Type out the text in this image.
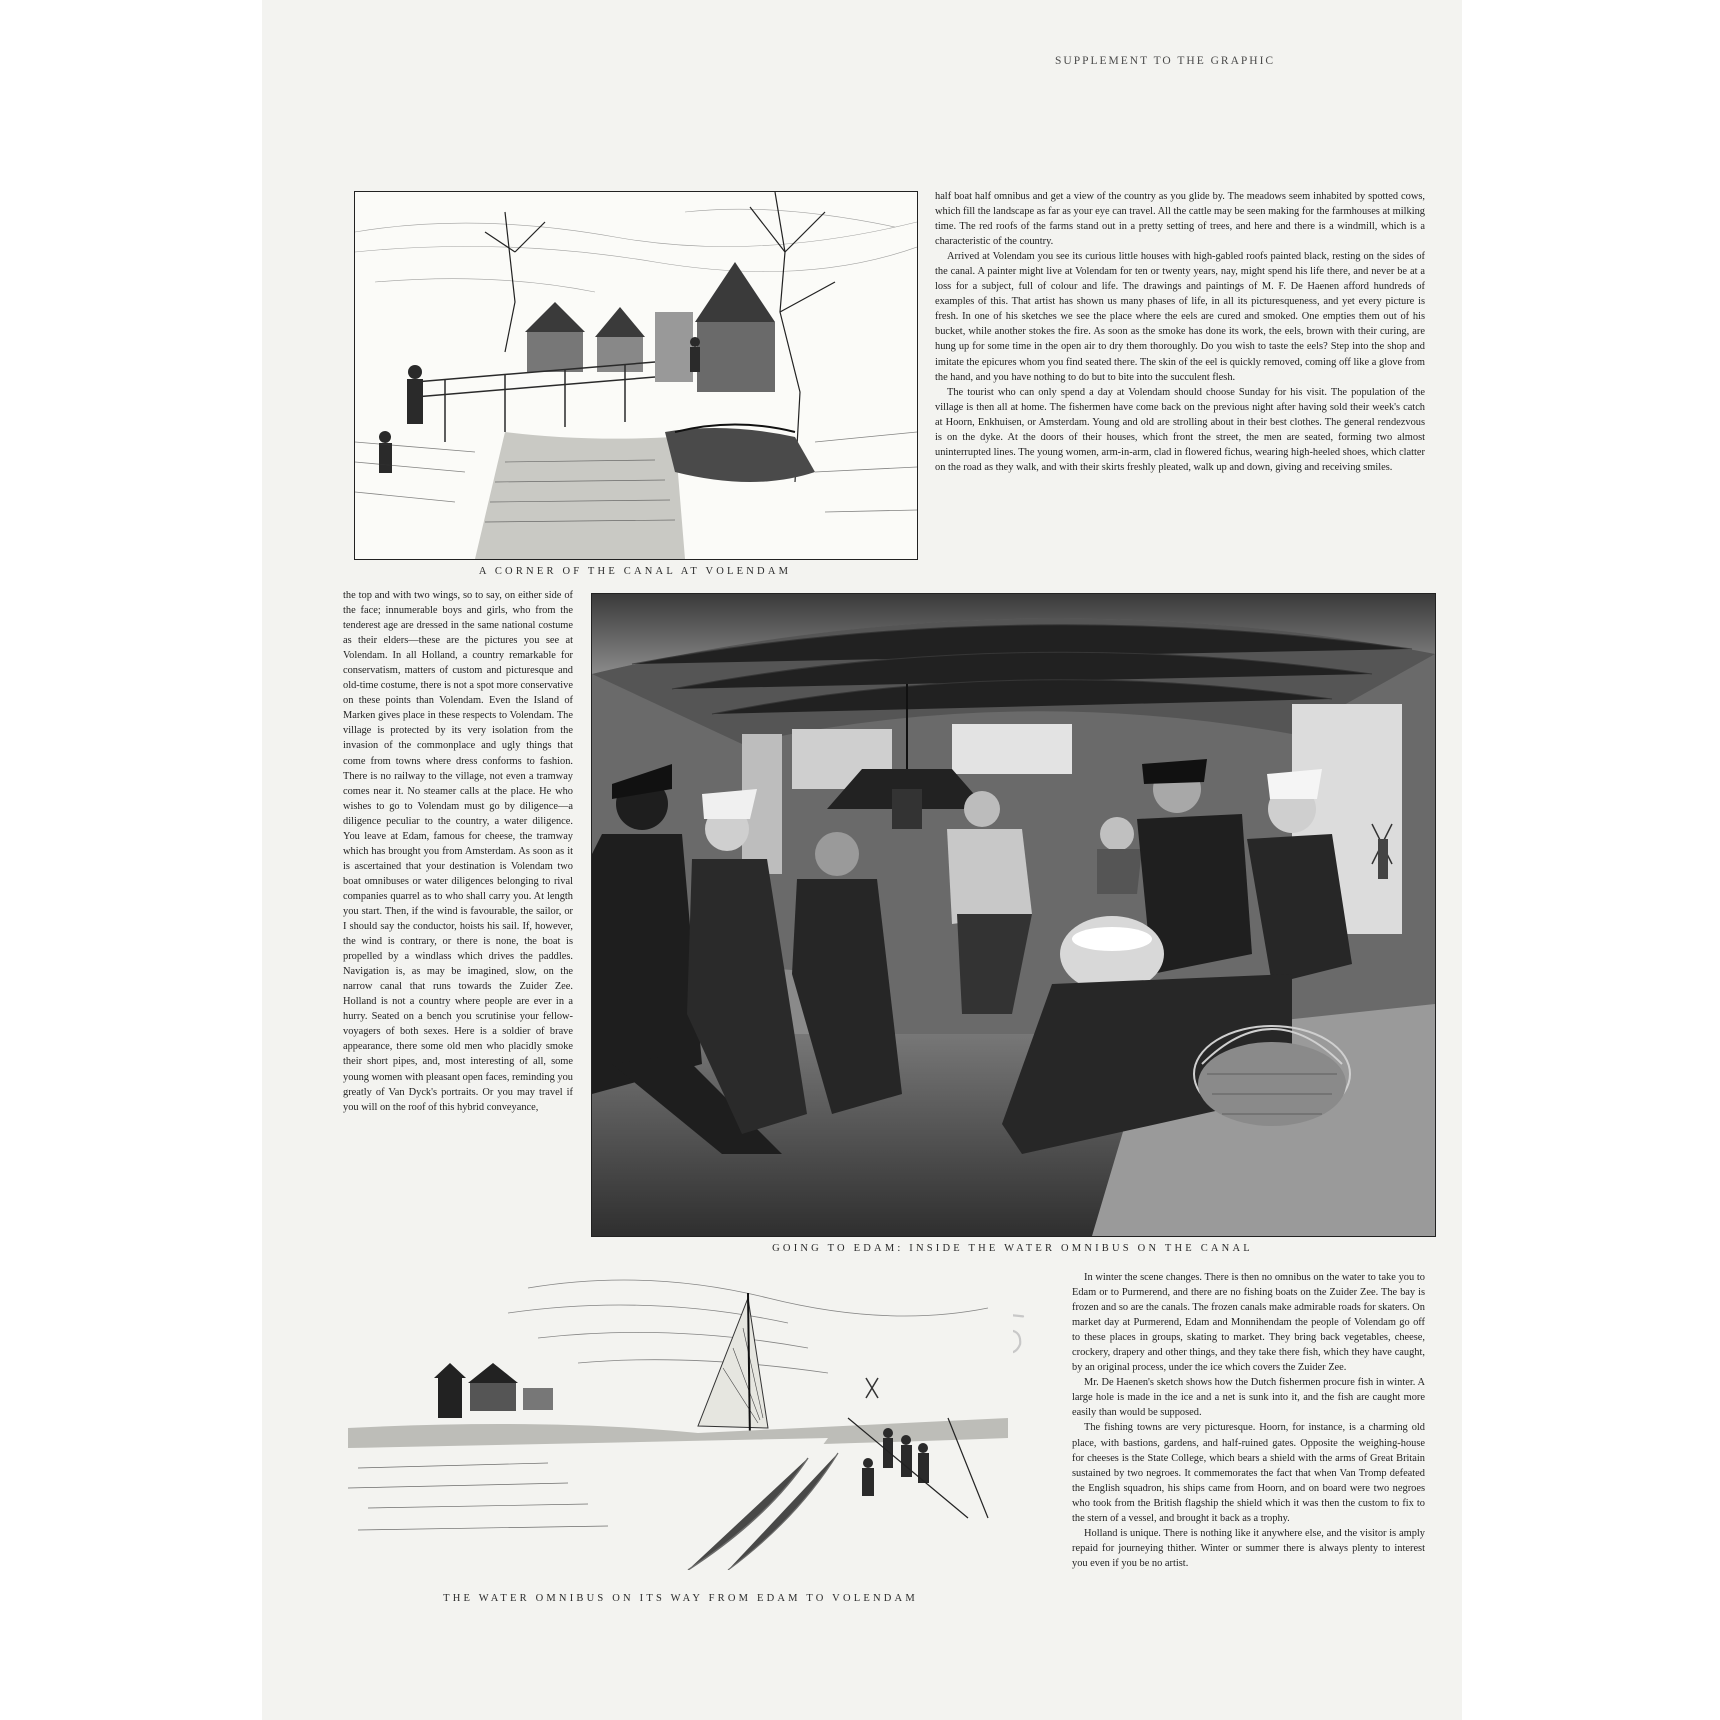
SUPPLEMENT TO THE GRAPHIC
A CORNER OF THE CANAL AT VOLENDAM

half boat half omnibus and get a view of the country as you glide by. The meadows seem inhabited by spotted cows, which fill the landscape as far as your eye can travel. All the cattle may be seen making for the farmhouses at milking time. The red roofs of the farms stand out in a pretty setting of trees, and here and there is a windmill, which is a characteristic of the country.

Arrived at Volendam you see its curious little houses with high-gabled roofs painted black, resting on the sides of the canal. A painter might live at Volendam for ten or twenty years, nay, might spend his life there, and never be at a loss for a subject, full of colour and life. The drawings and paintings of M. F. De Haenen afford hundreds of examples of this. That artist has shown us many phases of life, in all its picturesqueness, and yet every picture is fresh. In one of his sketches we see the place where the eels are cured and smoked. One empties them out of his bucket, while another stokes the fire. As soon as the smoke has done its work, the eels, brown with their curing, are hung up for some time in the open air to dry them thoroughly. Do you wish to taste the eels? Step into the shop and imitate the epicures whom you find seated there. The skin of the eel is quickly removed, coming off like a glove from the hand, and you have nothing to do but to bite into the succulent flesh.

The tourist who can only spend a day at Volendam should choose Sunday for his visit. The population of the village is then all at home. The fishermen have come back on the previous night after having sold their week's catch at Hoorn, Enkhuisen, or Amsterdam. Young and old are strolling about in their best clothes. The general rendezvous is on the dyke. At the doors of their houses, which front the street, the men are seated, forming two almost uninterrupted lines. The young women, arm-in-arm, clad in flowered fichus, wearing high-heeled shoes, which clatter on the road as they walk, and with their skirts freshly pleated, walk up and down, giving and receiving smiles.

the top and with two wings, so to say, on either side of the face; innumerable boys and girls, who from the tenderest age are dressed in the same national costume as their elders—these are the pictures you see at Volendam. In all Holland, a country remarkable for conservatism, matters of custom and picturesque and old-time costume, there is not a spot more conservative on these points than Volendam. Even the Island of Marken gives place in these respects to Volendam. The village is protected by its very isolation from the invasion of the commonplace and ugly things that come from towns where dress conforms to fashion. There is no railway to the village, not even a tramway comes near it. No steamer calls at the place. He who wishes to go to Volendam must go by diligence—a diligence peculiar to the country, a water diligence. You leave at Edam, famous for cheese, the tramway which has brought you from Amsterdam. As soon as it is ascertained that your destination is Volendam two boat omnibuses or water diligences belonging to rival companies quarrel as to who shall carry you. At length you start. Then, if the wind is favourable, the sailor, or I should say the conductor, hoists his sail. If, however, the wind is contrary, or there is none, the boat is propelled by a windlass which drives the paddles. Navigation is, as may be imagined, slow, on the narrow canal that runs towards the Zuider Zee. Holland is not a country where people are ever in a hurry. Seated on a bench you scrutinise your fellow-voyagers of both sexes. Here is a soldier of brave appearance, there some old men who placidly smoke their short pipes, and, most interesting of all, some young women with pleasant open faces, reminding you greatly of Van Dyck's portraits. Or you may travel if you will on the roof of this hybrid conveyance,

GOING TO EDAM: INSIDE THE WATER OMNIBUS ON THE CANAL
THE WATER OMNIBUS ON ITS WAY FROM EDAM TO VOLENDAM

In winter the scene changes. There is then no omnibus on the water to take you to Edam or to Purmerend, and there are no fishing boats on the Zuider Zee. The bay is frozen and so are the canals. The frozen canals make admirable roads for skaters. On market day at Purmerend, Edam and Monnihendam the people of Volendam go off to these places in groups, skating to market. They bring back vegetables, cheese, crockery, drapery and other things, and they take there fish, which they have caught, by an original process, under the ice which covers the Zuider Zee.

Mr. De Haenen's sketch shows how the Dutch fishermen procure fish in winter. A large hole is made in the ice and a net is sunk into it, and the fish are caught more easily than would be supposed.

The fishing towns are very picturesque. Hoorn, for instance, is a charming old place, with bastions, gardens, and half-ruined gates. Opposite the weighing-house for cheeses is the State College, which bears a shield with the arms of Great Britain sustained by two negroes. It commemorates the fact that when Van Tromp defeated the English squadron, his ships came from Hoorn, and on board were two negroes who took from the British flagship the shield which it was then the custom to fix to the stern of a vessel, and brought it back as a trophy.

Holland is unique. There is nothing like it anywhere else, and the visitor is amply repaid for journeying thither. Winter or summer there is always plenty to interest you even if you be no artist.
